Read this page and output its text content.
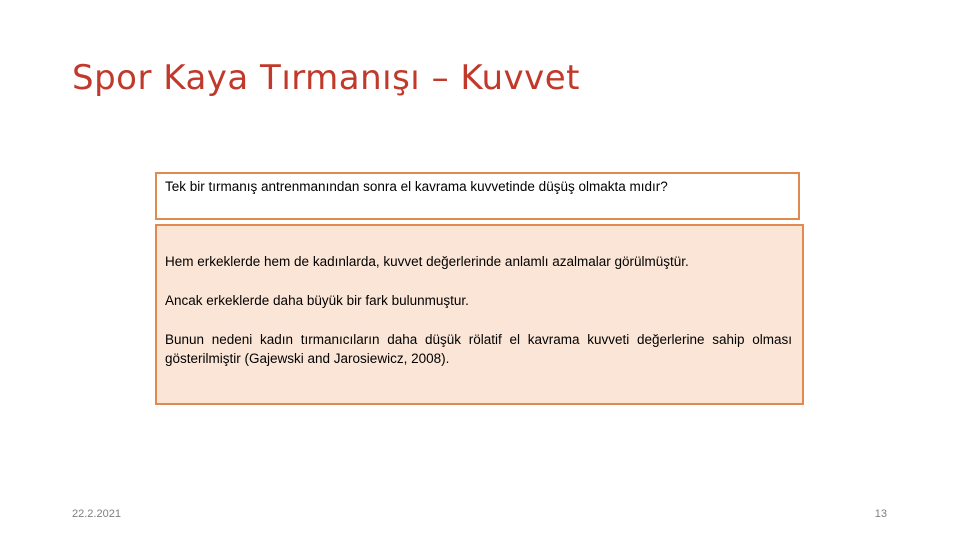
Spor Kaya Tırmanışı – Kuvvet
Tek bir tırmanış antrenmanından sonra el kavrama kuvvetinde düşüş olmakta mıdır?

Hem erkeklerde hem de kadınlarda, kuvvet değerlerinde anlamlı azalmalar görülmüştür.

Ancak erkeklerde daha büyük bir fark bulunmuştur.

Bunun nedeni kadın tırmanıcıların daha düşük rölatif el kavrama kuvveti değerlerine sahip olması gösterilmiştir (Gajewski and Jarosiewicz, 2008).

22.2.2021	13
